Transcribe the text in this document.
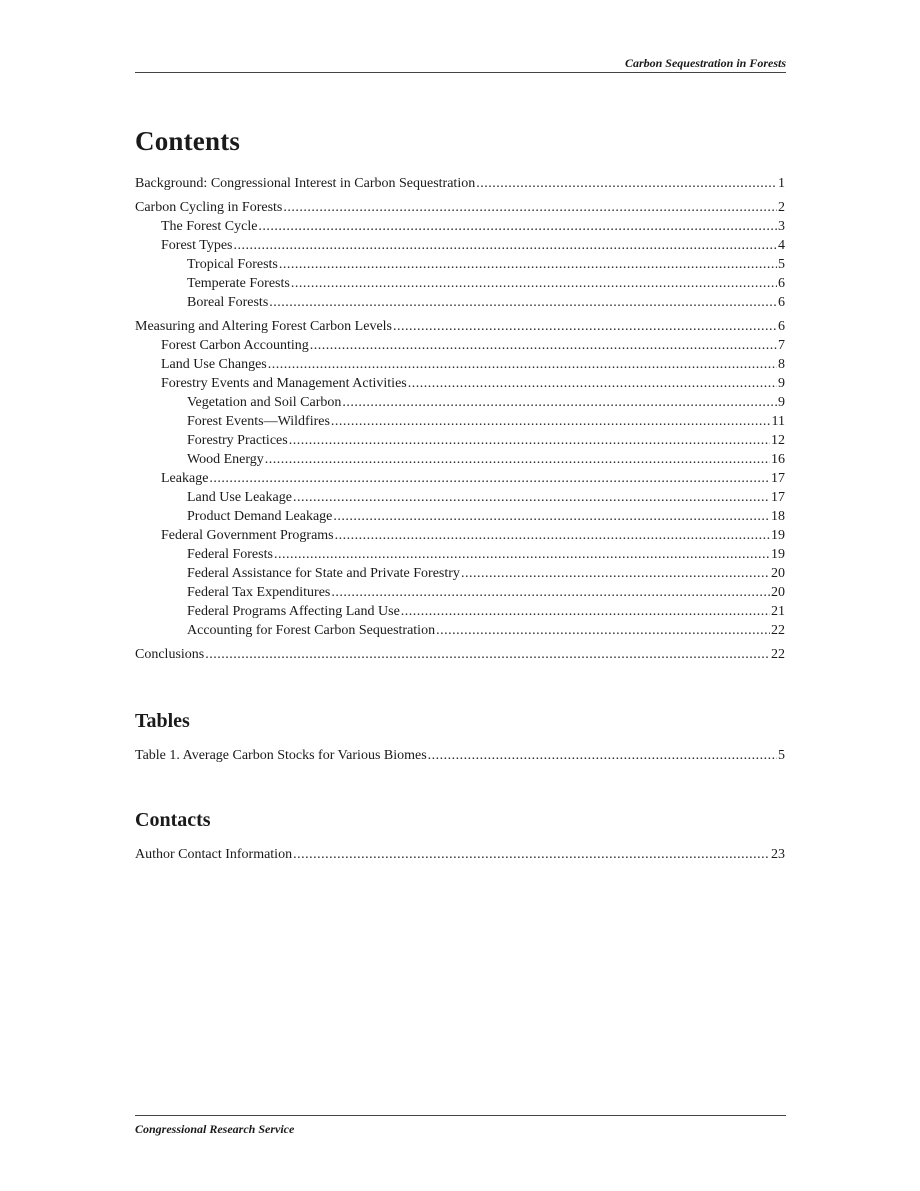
Carbon Sequestration in Forests
Contents
Background: Congressional Interest in Carbon Sequestration .....	1
Carbon Cycling in Forests .....	2
The Forest Cycle .....	3
Forest Types .....	4
Tropical Forests .....	5
Temperate Forests .....	6
Boreal Forests .....	6
Measuring and Altering Forest Carbon Levels .....	6
Forest Carbon Accounting .....	7
Land Use Changes .....	8
Forestry Events and Management Activities .....	9
Vegetation and Soil Carbon .....	9
Forest Events—Wildfires .....	11
Forestry Practices .....	12
Wood Energy .....	16
Leakage .....	17
Land Use Leakage .....	17
Product Demand Leakage .....	18
Federal Government Programs .....	19
Federal Forests .....	19
Federal Assistance for State and Private Forestry .....	20
Federal Tax Expenditures .....	20
Federal Programs Affecting Land Use .....	21
Accounting for Forest Carbon Sequestration .....	22
Conclusions .....	22
Tables
Table 1. Average Carbon Stocks for Various Biomes .....	5
Contacts
Author Contact Information .....	23
Congressional Research Service
